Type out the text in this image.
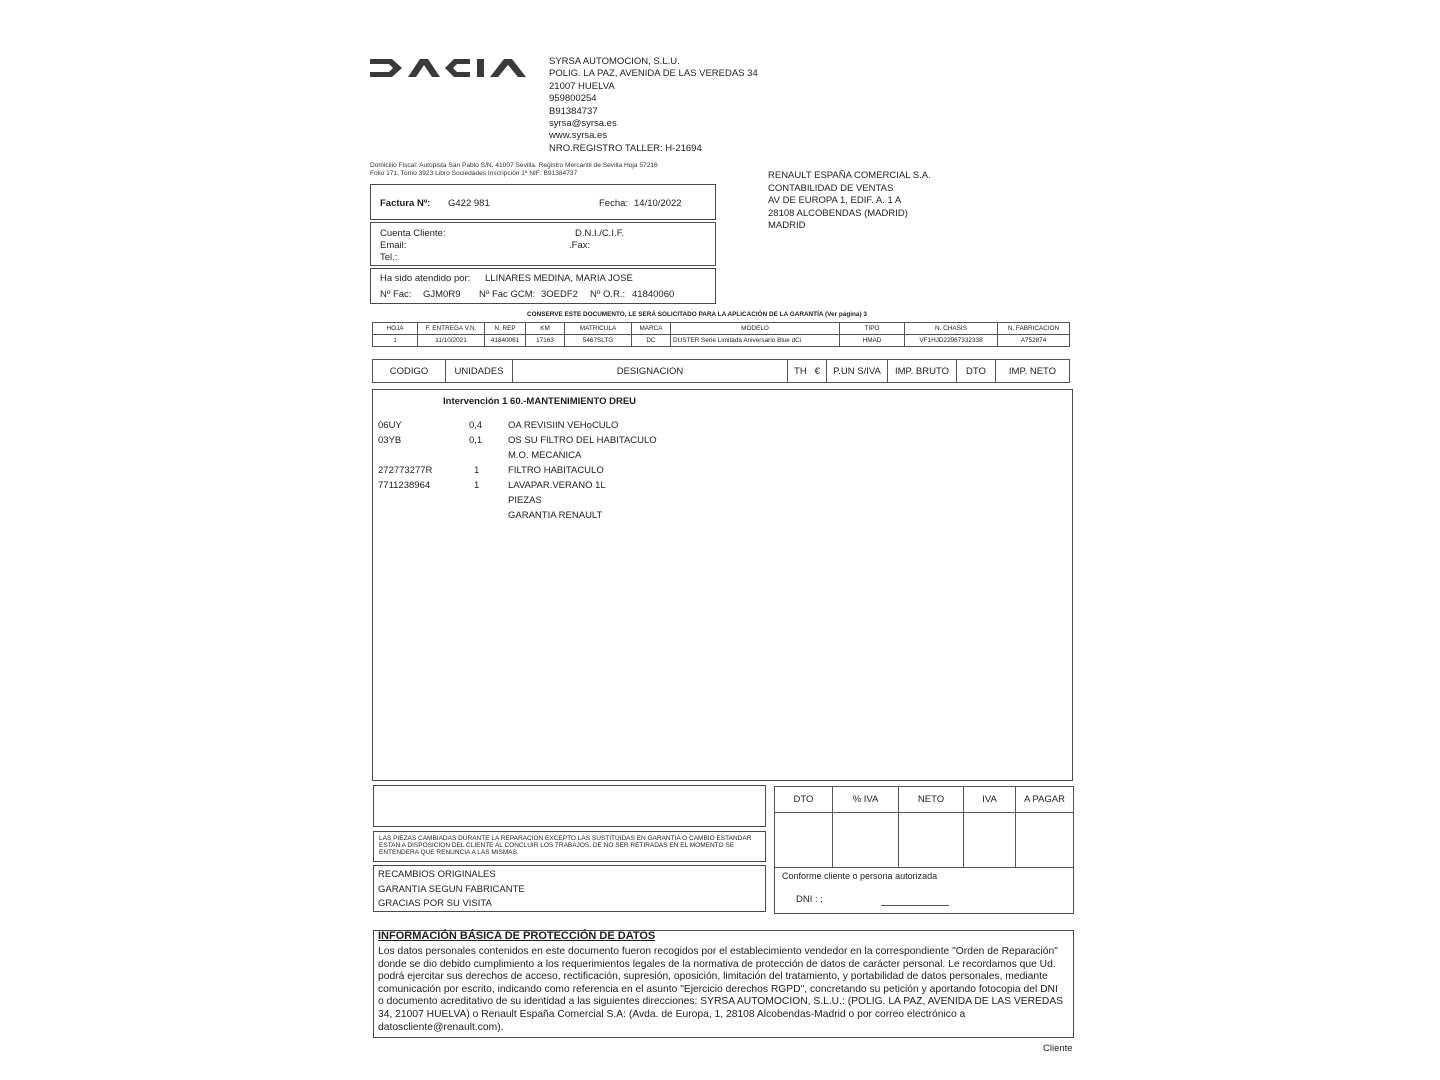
SYRSA AUTOMOCION, S.L.U.
POLIG. LA PAZ, AVENIDA DE LAS VEREDAS 34
21007 HUELVA
959800254
B91384737
syrsa@syrsa.es
www.syrsa.es
NRO.REGISTRO TALLER: H-21694
Domicilio Fiscal: Autopista San Pablo S/N, 41007 Sevilla. Registro Mercantil de Sevilla Hoja 57216
Folio 171, Tomo 3923 Libro Sociedades Inscripción 1ª NIF: B91384737	RENAULT ESPAÑA COMERCIAL S.A.
CONTABILIDAD DE VENTAS
AV DE EUROPA 1, EDIF. A. 1 A
28108 ALCOBENDAS (MADRID)
MADRID
Factura Nº: G422 981	Fecha: 14/10/2022
Cuenta Cliente:
Email:
Tel.:
D.N.I./C.I.F.
.Fax:
Ha sido atendido por: LLINARES MEDINA, MARIA JOSE
Nº Fac: GJM0R9 Nº Fac GCM: 3OEDF2 Nº O.R.: 41840060
CONSERVE ESTE DOCUMENTO, LE SERÁ SOLICITADO PARA LA APLICACIÓN DE LA GARANTÍA (Ver página) 3
HOJA	F. ENTREGA V.N.	N. REP	KM	MATRICULA	MARCA	MODELO	TIPO	N. CHASIS	N. FABRICACION
1	11/10/2021	41840061	17163	5467SLTG	DC	DUSTER Serie Limitada Aniversario Blue dCi	HMAD	VF1HJD22967332338	A752874
CODIGO	UNIDADES	DESIGNACION	TH €	P.UN S/IVA	IMP. BRUTO	DTO	IMP. NETO
Intervención 1 60.-MANTENIMIENTO DREU
06UY	0,4	OA REVISIIN VEHoCULO
03YB	0,1	OS SU FILTRO DEL HABITACULO
M.O. MECANICA
272773277R	1	FILTRO HABITACULO
7711238964	1	LAVAPAR.VERANO 1L
PIEZAS
GARANTIA RENAULT
LAS PIEZAS CAMBIADAS DURANTE LA REPARACION EXCEPTO LAS SUSTITUIDAS EN GARANTIA O CAMBIO ESTANDAR ESTAN A DISPOSICION DEL CLIENTE AL CONCLUIR LOS TRABAJOS. DE NO SER RETIRADAS EN EL MOMENTO SE ENTENDERA QUE RENUNCIA A LAS MISMAS.
RECAMBIOS ORIGINALES
GARANTIA SEGUN FABRICANTE
GRACIAS POR SU VISITA
DTO	% IVA	NETO	IVA	A PAGAR

Conforme cliente o persona autorizada
DNI : ;
INFORMACIÓN BÁSICA DE PROTECCIÓN DE DATOS
Los datos personales contenidos en este documento fueron recogidos por el establecimiento vendedor en la correspondiente "Orden de Reparación" donde se dio debido cumplimiento a los requerimientos legales de la normativa de protección de datos de carácter personal. Le recordamos que Ud. podrá ejercitar sus derechos de acceso, rectificación, supresión, oposición, limitación del tratamiento, y portabilidad de datos personales, mediante comunicación por escrito, indicando como referencia en el asunto "Ejercicio derechos RGPD", concretando su petición y aportando fotocopia del DNI o documento acreditativo de su identidad a las siguientes direcciones: SYRSA AUTOMOCION, S.L.U.: (POLIG. LA PAZ, AVENIDA DE LAS VEREDAS 34, 21007 HUELVA) o Renault España Comercial S.A: (Avda. de Europa, 1, 28108 Alcobendas-Madrid o por correo electrónico a datoscliente@renault.com).
Cliente
